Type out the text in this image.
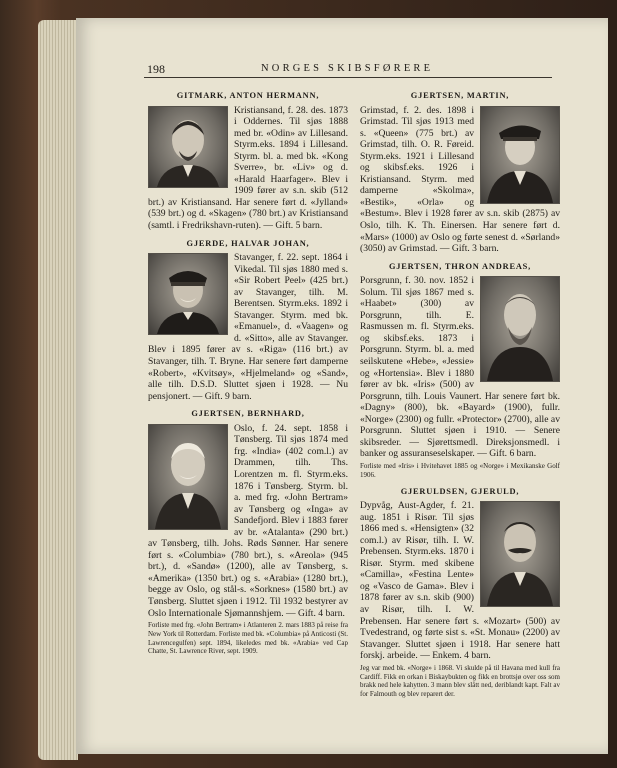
198	NORGES SKIBSFØRERE
GITMARK, ANTON HERMANN,
Kristiansand, f. 28. des. 1873 i Oddernes. Til sjøs 1888 med br. «Odin» av Lillesand. Styrm.eks. 1894 i Lillesand. Styrm. bl. a. med bk. «Kong Sverre», br. «Liv» og d. «Harald Haarfager». Blev i 1909 fører av s.n. skib (512 brt.) av Kristiansand. Har senere ført d. «Jylland» (539 brt.) og d. «Skagen» (780 brt.) av Kristiansand (samtl. i Fredrikshavn-ruten). — Gift. 5 barn.
GJERDE, HALVAR JOHAN,
Stavanger, f. 22. sept. 1864 i Vikedal. Til sjøs 1880 med s. «Sir Robert Peel» (425 brt.) av Stavanger, tilh. M. Berentsen. Styrm.eks. 1892 i Stavanger. Styrm. med bk. «Emanuel», d. «Vaagen» og d. «Sitto», alle av Stavanger. Blev i 1895 fører av s. «Riga» (116 brt.) av Stavanger, tilh. T. Bryne. Har senere ført damperne «Robert», «Kvitsøy», «Hjelmeland» og «Sand», alle tilh. D.S.D. Sluttet sjøen i 1928. — Nu pensjonert. — Gift. 9 barn.
GJERTSEN, BERNHARD,
Oslo, f. 24. sept. 1858 i Tønsberg. Til sjøs 1874 med frg. «India» (402 com.l.) av Drammen, tilh. Ths. Lorentzen m. fl. Styrm.eks. 1876 i Tønsberg. Styrm. bl. a. med frg. «John Bertram» av Tønsberg og «Inga» av Sandefjord. Blev i 1883 fører av br. «Atalanta» (290 brt.) av Tønsberg, tilh. Johs. Røds Sønner. Har senere ført s. «Columbia» (780 brt.), s. «Areola» (945 brt.), d. «Sandø» (1200), alle av Tønsberg, s. «Amerika» (1350 brt.) og s. «Arabia» (1280 brt.), begge av Oslo, og stål-s. «Sorknes» (1580 brt.) av Tønsberg. Sluttet sjøen i 1912. Til 1932 bestyrer av Oslo Internationale Sjømannshjem. — Gift. 4 barn.
Forliste med frg. «John Bertram» i Atlanteren 2. mars 1883 på reise fra New York til Rotterdam. Forliste med bk. «Columbia» på Anticosti (St. Lawrencegulfen) sept. 1894, likeledes med bk. «Arabia» ved Cap Chatte, St. Lawrence River, sept. 1909.
GJERTSEN, MARTIN,
Grimstad, f. 2. des. 1898 i Grimstad. Til sjøs 1913 med s. «Queen» (775 brt.) av Grimstad, tilh. O. R. Føreid. Styrm.eks. 1921 i Lillesand og skibsf.eks. 1926 i Kristiansand. Styrm. med damperne «Skolma», «Bestik», «Orla» og «Bestum». Blev i 1928 fører av s.n. skib (2875) av Oslo, tilh. K. Th. Einersen. Har senere ført d. «Mars» (1000) av Oslo og førte senest d. «Sørland» (3050) av Grimstad. — Gift. 3 barn.
GJERTSEN, THRON ANDREAS,
Porsgrunn, f. 30. nov. 1852 i Solum. Til sjøs 1867 med s. «Haabet» (300) av Porsgrunn, tilh. E. Rasmussen m. fl. Styrm.eks. og skibsf.eks. 1873 i Porsgrunn. Styrm. bl. a. med seilskutene «Hebe», «Jessie» og «Hortensia». Blev i 1880 fører av bk. «Iris» (500) av Porsgrunn, tilh. Louis Vaunert. Har senere ført bk. «Dagny» (800), bk. «Bayard» (1900), fullr. «Norge» (2300) og fullr. «Protector» (2700), alle av Porsgrunn. Sluttet sjøen i 1910. — Senere skibsreder. — Sjørettsmedl. Direksjonsmedl. i banker og assuranseselskaper. — Gift. 6 barn.
Forliste med «Iris» i Hvitehavet 1885 og «Norge» i Mexikanske Golf 1906.
GJERULDSEN, GJERULD,
Dypvåg, Aust-Agder, f. 21. aug. 1851 i Risør. Til sjøs 1866 med s. «Hensigten» (32 com.l.) av Risør, tilh. I. W. Prebensen. Styrm.eks. 1870 i Risør. Styrm. med skibene «Camilla», «Festina Lente» og «Vasco de Gama». Blev i 1878 fører av s.n. skib (900) av Risør, tilh. I. W. Prebensen. Har senere ført s. «Mozart» (500) av Tvedestrand, og førte sist s. «St. Monau» (2200) av Stavanger. Sluttet sjøen i 1918. Har senere hatt forskj. arbeide. — Enkem. 4 barn.
Jeg var med bk. «Norge» i 1868. Vi skulde på til Havana med kull fra Cardiff. Fikk en orkan i Biskaybukten og fikk en brottsjø over oss som brakk ned hele kahytten. 3 mann blev slått ned, deriblandt kapt. Falt av for Falmouth og blev reparert der.
